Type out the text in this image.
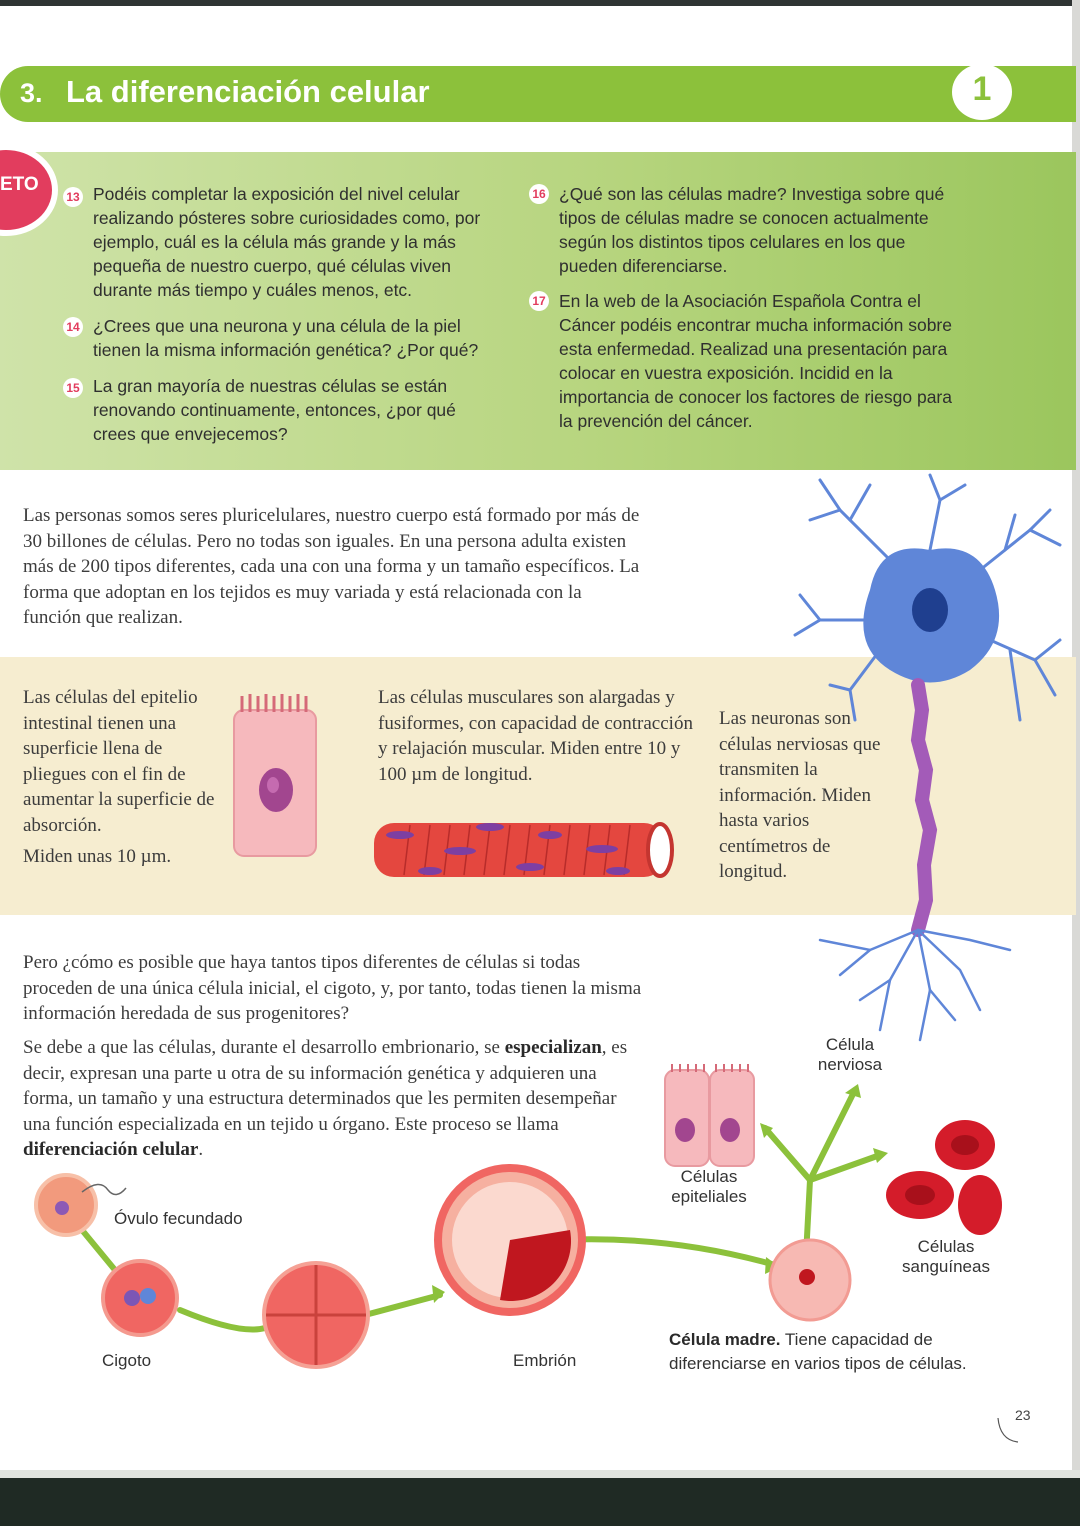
3. La diferenciación celular	1
ETO
13 Podéis completar la exposición del nivel celular realizando pósteres sobre curiosidades como, por ejemplo, cuál es la célula más grande y la más pequeña de nuestro cuerpo, qué células viven durante más tiempo y cuáles menos, etc.
14 ¿Crees que una neurona y una célula de la piel tienen la misma información genética? ¿Por qué?
15 La gran mayoría de nuestras células se están renovando continuamente, entonces, ¿por qué crees que envejecemos?
16 ¿Qué son las células madre? Investiga sobre qué tipos de células madre se conocen actualmente según los distintos tipos celulares en los que pueden diferenciarse.
17 En la web de la Asociación Española Contra el Cáncer podéis encontrar mucha información sobre esta enfermedad. Realizad una presentación para colocar en vuestra exposición. Incidid en la importancia de conocer los factores de riesgo para la prevención del cáncer.
Las personas somos seres pluricelulares, nuestro cuerpo está formado por más de 30 billones de células. Pero no todas son iguales. En una persona adulta existen más de 200 tipos diferentes, cada una con una forma y un tamaño específicos. La forma que adoptan en los tejidos es muy variada y está relacionada con la función que realizan.
Las células del epitelio intestinal tienen una superficie llena de pliegues con el fin de aumentar la superficie de absorción.
Miden unas 10 µm.
Las células musculares son alargadas y fusiformes, con capacidad de contracción y relajación muscular. Miden entre 10 y 100 µm de longitud.
Las neuronas son células nerviosas que transmiten la información. Miden hasta varios centímetros de longitud.
Pero ¿cómo es posible que haya tantos tipos diferentes de células si todas proceden de una única célula inicial, el cigoto, y, por tanto, todas tienen la misma información heredada de sus progenitores?
Se debe a que las células, durante el desarrollo embrionario, se especializan, es decir, expresan una parte u otra de su información genética y adquieren una forma, un tamaño y una estructura determinados que les permiten desempeñar una función especializada en un tejido u órgano. Este proceso se llama diferenciación celular.
Óvulo fecundado
Cigoto	Embrión
Célula
nerviosa
Células
epiteliales
Células
sanguíneas
Célula madre. Tiene capacidad de diferenciarse en varios tipos de células.
23
